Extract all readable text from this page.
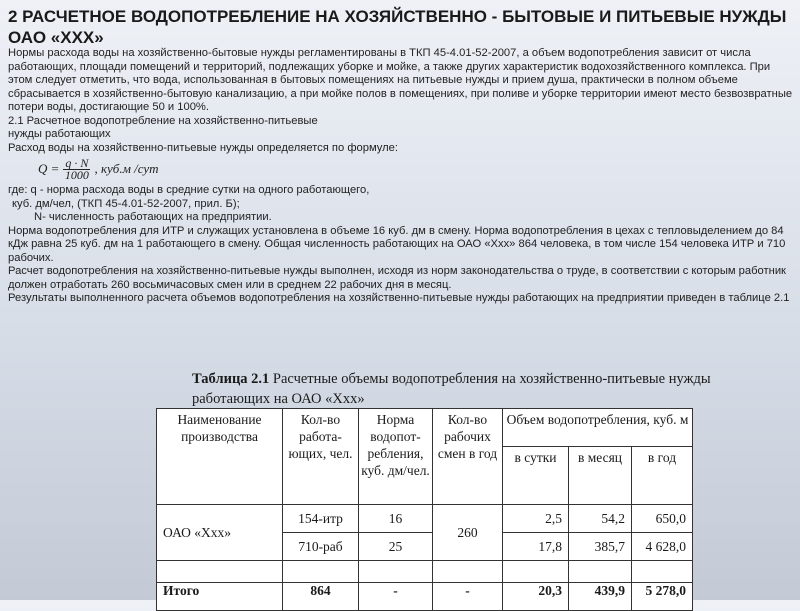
2 РАСЧЕТНОЕ ВОДОПОТРЕБЛЕНИЕ НА ХОЗЯЙСТВЕННО - БЫТОВЫЕ И ПИТЬЕВЫЕ НУЖДЫ ОАО «ХХХ»

Нормы расхода воды на хозяйственно-бытовые нужды регламентированы в ТКП 45-4.01-52-2007, а объем водопотребления зависит от числа работающих, площади помещений и территорий, подлежащих уборке и мойке, а также других характеристик водохозяйственного комплекса. При этом следует отметить, что вода, использованная в бытовых помещениях на питьевые нужды и прием душа, практически в полном объеме сбрасывается в хозяйственно-бытовую канализацию, а при мойке полов в помещениях, при поливе и уборке территории имеют место безвозвратные потери воды, достигающие 50 и 100%.

2.1 Расчетное водопотребление на хозяйственно-питьевые

нужды работающих

Расход воды на хозяйственно-питьевые нужды определяется по формуле:

$Q = \frac{q \cdot N}{1000}$ , куб.м /сут

где: q - норма расхода воды в средние сутки на одного работающего,

куб. дм/чел, (ТКП 45-4.01-52-2007, прил. Б);

N- численность работающих на предприятии.

Норма водопотребления для ИТР и служащих установлена в объеме 16 куб. дм в смену. Норма водопотребления в цехах с тепловыделением до 84 кДж равна 25 куб. дм на 1 работающего в смену. Общая численность работающих на ОАО «Ххх» 864 человека, в том числе 154 человека ИТР и 710 рабочих.

Расчет водопотребления на хозяйственно-питьевые нужды выполнен, исходя из норм законодательства о труде, в соответствии с которым работник должен отработать 260 восьмичасовых смен или в среднем 22 рабочих дня в месяц.

Результаты выполненного расчета объемов водопотребления на хозяйственно-питьевые нужды работающих на предприятии приведен в таблице 2.1

Таблица 2.1 Расчетные объемы водопотребления на хозяйственно-питьевые нужды работающих на ОАО «Ххх»
Наименование производства	Кол-во работа-ющих, чел.	Норма водопот-ребления, куб. дм/чел.	Кол-во рабочих смен в год	Объем водопотребления, куб. м		
				в сутки	в месяц	в год
ОАО «Ххх»	154-итр	16	260	2,5	54,2	650,0
	710-раб	25		17,8	385,7	4 628,0

Итого	864	-	-	20,3	439,9	5 278,0
